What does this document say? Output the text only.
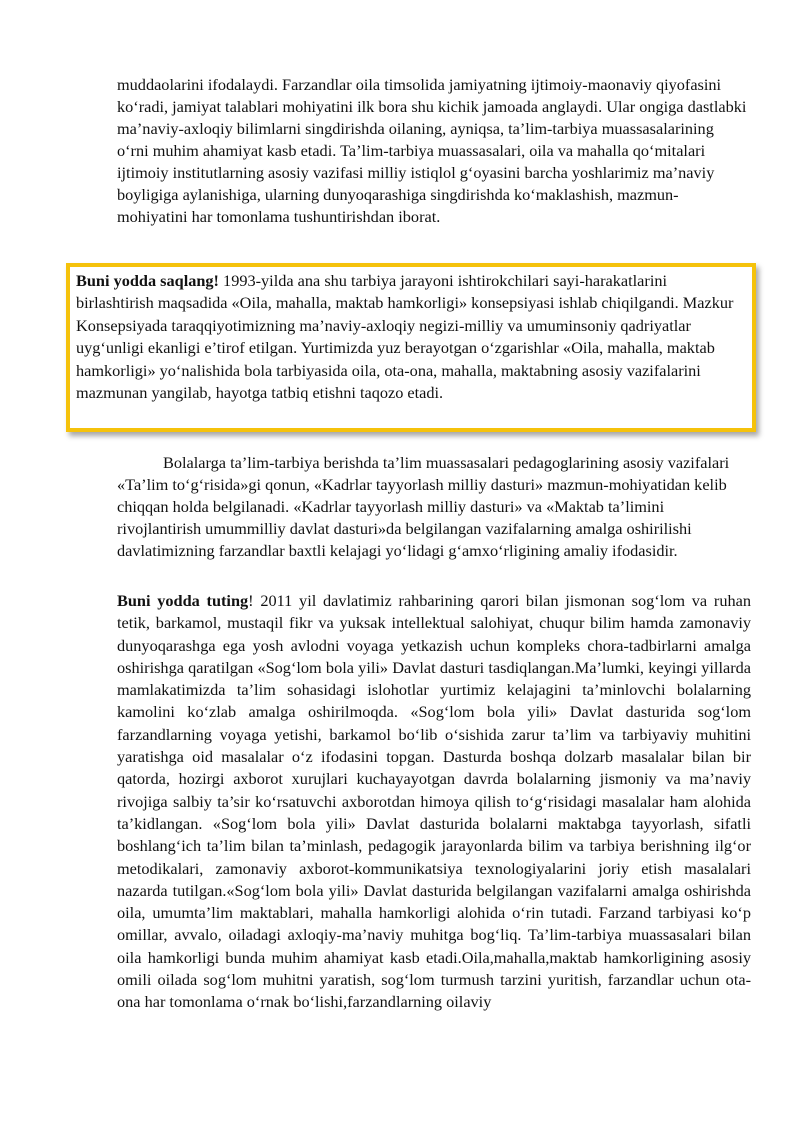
muddaolarini ifodalaydi. Farzandlar oila timsolida jamiyatning ijtimoiy-maonaviy qiyofasini ko‘radi, jamiyat talablari mohiyatini ilk bora shu kichik jamoada anglaydi. Ular ongiga dastlabki ma’naviy-axloqiy bilimlarni singdirishda oilaning, ayniqsa, ta’lim-tarbiya muassasalarining o‘rni muhim ahamiyat kasb etadi. Ta’lim-tarbiya muassasalari, oila va mahalla qo‘mitalari ijtimoiy institutlarning asosiy vazifasi milliy istiqlol g‘oyasini barcha yoshlarimiz ma’naviy boyligiga aylanishiga, ularning dunyoqarashiga singdirishda ko‘maklashish, mazmun-mohiyatini har tomonlama tushuntirishdan iborat.

Buni yodda saqlang! 1993-yilda ana shu tarbiya jarayoni ishtirokchilari sayi-harakatlarini birlashtirish maqsadida «Oila, mahalla, maktab hamkorligi» konsepsiyasi ishlab chiqilgandi. Mazkur Konsepsiyada taraqqiyotimizning ma’naviy-axloqiy negizi-milliy va umuminsoniy qadriyatlar uyg‘unligi ekanligi e’tirof etilgan. Yurtimizda yuz berayotgan o‘zgarishlar «Oila, mahalla, maktab hamkorligi» yo‘nalishida bola tarbiyasida oila, ota-ona, mahalla, maktabning asosiy vazifalarini mazmunan yangilab, hayotga tatbiq etishni taqozo etadi.

Bolalarga ta’lim-tarbiya berishda ta’lim muassasalari pedagoglarining asosiy vazifalari «Ta’lim to‘g‘risida»gi qonun, «Kadrlar tayyorlash milliy dasturi» mazmun-mohiyatidan kelib chiqqan holda belgilanadi. «Kadrlar tayyorlash milliy dasturi» va «Maktab ta’limini rivojlantirish umummilliy davlat dasturi»da belgilangan vazifalarning amalga oshirilishi davlatimizning farzandlar baxtli kelajagi yo‘lidagi g‘amxo‘rligining amaliy ifodasidir.

Buni yodda tuting! 2011 yil davlatimiz rahbarining qarori bilan jismonan sog‘lom va ruhan tetik, barkamol, mustaqil fikr va yuksak intellektual salohiyat, chuqur bilim hamda zamonaviy dunyoqarashga ega yosh avlodni voyaga yetkazish uchun kompleks chora-tadbirlarni amalga oshirishga qaratilgan «Sog‘lom bola yili» Davlat dasturi tasdiqlangan.Ma’lumki, keyingi yillarda mamlakatimizda ta’lim sohasidagi islohotlar yurtimiz kelajagini ta’minlovchi bolalarning kamolini ko‘zlab amalga oshirilmoqda. «Sog‘lom bola yili» Davlat dasturida sog‘lom farzandlarning voyaga yetishi, barkamol bo‘lib o‘sishida zarur ta’lim va tarbiyaviy muhitini yaratishga oid masalalar o‘z ifodasini topgan. Dasturda boshqa dolzarb masalalar bilan bir qatorda, hozirgi axborot xurujlari kuchayayotgan davrda bolalarning jismoniy va ma’naviy rivojiga salbiy ta’sir ko‘rsatuvchi axborotdan himoya qilish to‘g‘risidagi masalalar ham alohida ta’kidlangan. «Sog‘lom bola yili» Davlat dasturida bolalarni maktabga tayyorlash, sifatli boshlang‘ich ta’lim bilan ta’minlash, pedagogik jarayonlarda bilim va tarbiya berishning ilg‘or metodikalari, zamonaviy axborot-kommunikatsiya texnologiyalarini joriy etish masalalari nazarda tutilgan.«Sog‘lom bola yili» Davlat dasturida belgilangan vazifalarni amalga oshirishda oila, umumta’lim maktablari, mahalla hamkorligi alohida o‘rin tutadi. Farzand tarbiyasi ko‘p omillar, avvalo, oiladagi axloqiy-ma’naviy muhitga bog‘liq. Ta’lim-tarbiya muassasalari bilan oila hamkorligi bunda muhim ahamiyat kasb etadi.Oila,mahalla,maktab hamkorligining asosiy omili oilada sog‘lom muhitni yaratish, sog‘lom turmush tarzini yuritish, farzandlar uchun ota-ona har tomonlama o‘rnak bo‘lishi,farzandlarning oilaviy
